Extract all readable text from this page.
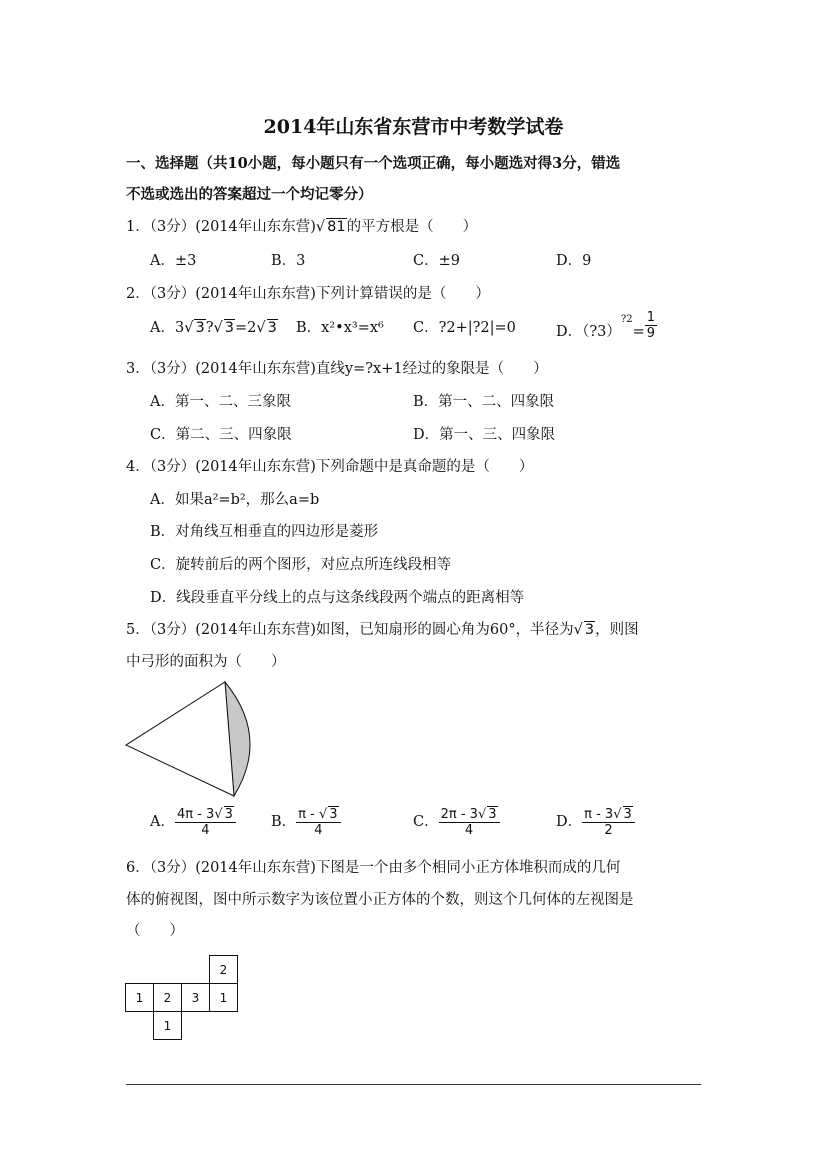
2014年山东省东营市中考数学试卷
一、选择题（共10小题，每小题只有一个选项正确，每小题选对得3分，错选
不选或选出的答案超过一个均记零分）
1．（3分）(2014年山东东营)√ 81的平方根是（　　）
A．±3	B．3	C．±9	D．9
2．（3分）(2014年山东东营)下列计算错误的是（　　）
A．3√ 3?√ 3=2√ 3 B．x²•x³=x⁶ C．?2+|?2|=0	D．（?3）$^{?2}$= $\frac{1}{9}$
3．（3分）(2014年山东东营)直线y=?x+1经过的象限是（　　）
A．第一、二、三象限	B．第一、二、四象限
C．第二、三、四象限	D．第一、三、四象限
4．（3分）(2014年山东东营)下列命题中是真命题的是（　　）
A．如果a²=b²，那么a=b
B．对角线互相垂直的四边形是菱形
C．旋转前后的两个图形，对应点所连线段相等
D．线段垂直平分线上的点与这条线段两个端点的距离相等
5．（3分）(2014年山东东营)如图，已知扇形的圆心角为60°，半径为√ 3，则图
中弓形的面积为（　　）
A． $\frac{4\pi - 3√ 3}{4}$ B． $\frac{\pi - √ 3}{4}$	C． $\frac{2\pi - 3√ 3}{4}$	D． $\frac{\pi - 3√ 3}{2}$
6．（3分）(2014年山东东营)下图是一个由多个相同小正方体堆积而成的几何
体的俯视图，图中所示数字为该位置小正方体的个数，则这个几何体的左视图是
（　　）
			2
1	2	3	1
	1		
